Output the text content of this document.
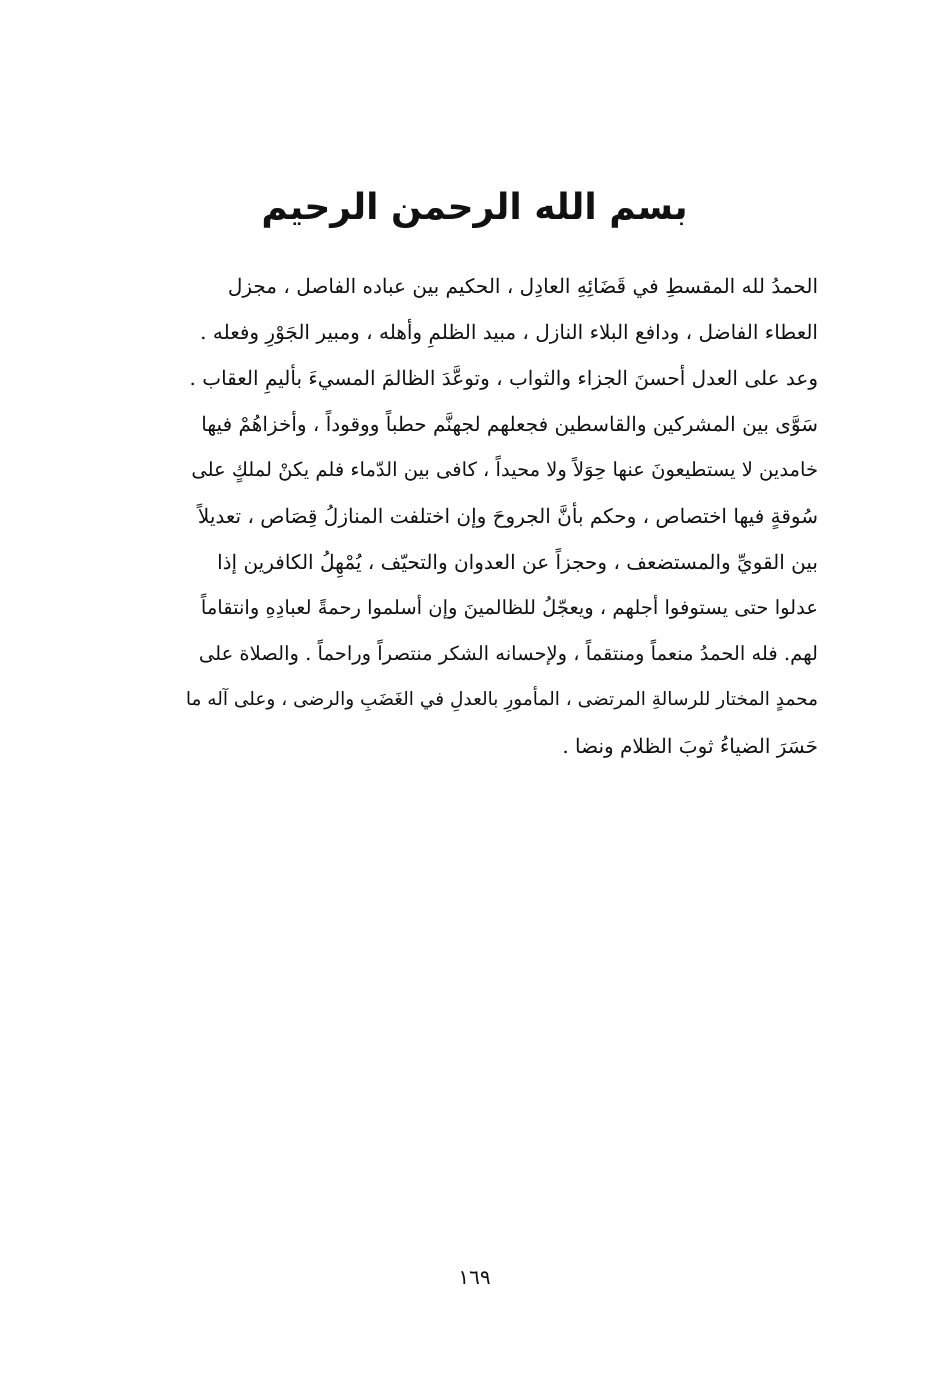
بسم الله الرحمن الرحيم
الحمدُ لله المقسطِ في قَضَائِهِ العادِل ، الحكيم بين عباده الفاصل ، مجزل
العطاء الفاضل ، ودافع البلاء النازل ، مبيد الظلمِ وأهله ، ومبير الجَوْرِ وفعله .
وعد على العدل أحسنَ الجزاء والثواب ، وتوعَّدَ الظالمَ المسيءَ بأليمِ العقاب .
سَوَّى بين المشركين والقاسطين فجعلهم لجهنَّم حطباً ووقوداً ، وأخزاهُمْ فيها
خامدين لا يستطيعونَ عنها حِوَلاً ولا محيداً ، كافى بين الدّماء فلم يكنْ لملكٍ على
سُوقةٍ فيها اختصاص ، وحكم بأنَّ الجروحَ وإن اختلفت المنازلُ قِصَاص ، تعديلاً
بين القويِّ والمستضعف ، وحجزاً عن العدوان والتحيّف ، يُمْهِلُ الكافرين إذا
عدلوا حتى يستوفوا أجلهم ، ويعجّلُ للظالمينَ وإن أسلموا رحمةً لعبادِهِ وانتقاماً
لهم. فله الحمدُ منعماً ومنتقماً ، ولإحسانه الشكر منتصراً وراحماً . والصلاة على
محمدٍ المختار للرسالةِ المرتضى ، المأمورِ بالعدلِ في الغَضَبِ والرضى ، وعلى آله ما
حَسَرَ الضياءُ ثوبَ الظلام ونضا .
١٦٩
